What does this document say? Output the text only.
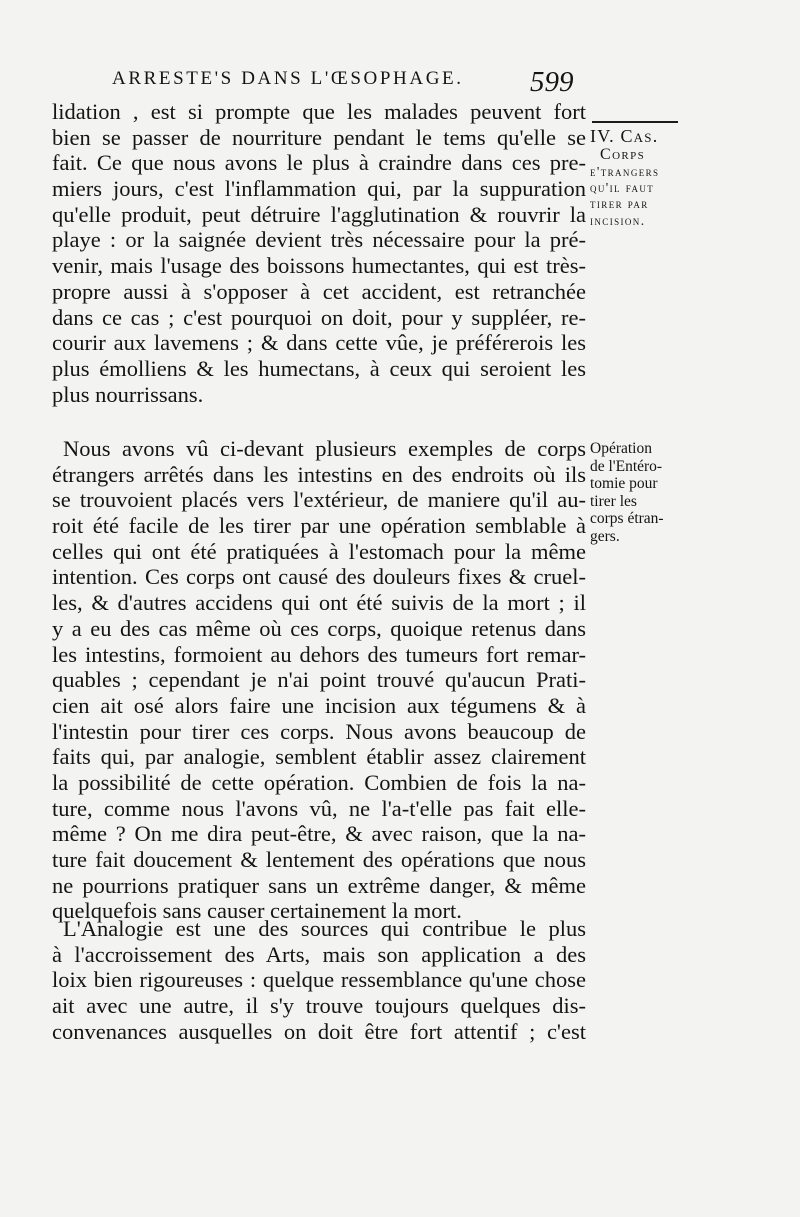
ARRESTE'S DANS L'ŒSOPHAGE. 599
IV. Cas.
Corps
e'trangers
qu'il faut
tirer par
incision.
Opération
de l'Entéro-
tomie pour
tirer les
corps étran-
gers.
lidation , est si prompte que les malades peuvent fort
bien se passer de nourriture pendant le tems qu'elle se
fait. Ce que nous avons le plus à craindre dans ces pre-
miers jours, c'est l'inflammation qui, par la suppuration
qu'elle produit, peut détruire l'agglutination & rouvrir la
playe : or la saignée devient très nécessaire pour la pré-
venir, mais l'usage des boissons humectantes, qui est très-
propre aussi à s'opposer à cet accident, est retranchée
dans ce cas ; c'est pourquoi on doit, pour y suppléer, re-
courir aux lavemens ; & dans cette vûe, je préférerois les
plus émolliens & les humectans, à ceux qui seroient les
plus nourrissans.
Nous avons vû ci-devant plusieurs exemples de corps
étrangers arrêtés dans les intestins en des endroits où ils
se trouvoient placés vers l'extérieur, de maniere qu'il au-
roit été facile de les tirer par une opération semblable à
celles qui ont été pratiquées à l'estomach pour la même
intention. Ces corps ont causé des douleurs fixes & cruel-
les, & d'autres accidens qui ont été suivis de la mort ; il
y a eu des cas même où ces corps, quoique retenus dans
les intestins, formoient au dehors des tumeurs fort remar-
quables ; cependant je n'ai point trouvé qu'aucun Prati-
cien ait osé alors faire une incision aux tégumens & à
l'intestin pour tirer ces corps. Nous avons beaucoup de
faits qui, par analogie, semblent établir assez clairement
la possibilité de cette opération. Combien de fois la na-
ture, comme nous l'avons vû, ne l'a-t'elle pas fait elle-
même ? On me dira peut-être, & avec raison, que la na-
ture fait doucement & lentement des opérations que nous
ne pourrions pratiquer sans un extrême danger, & même
quelquefois sans causer certainement la mort.
L'Analogie est une des sources qui contribue le plus
à l'accroissement des Arts, mais son application a des
loix bien rigoureuses : quelque ressemblance qu'une chose
ait avec une autre, il s'y trouve toujours quelques dis-
convenances ausquelles on doit être fort attentif ; c'est
